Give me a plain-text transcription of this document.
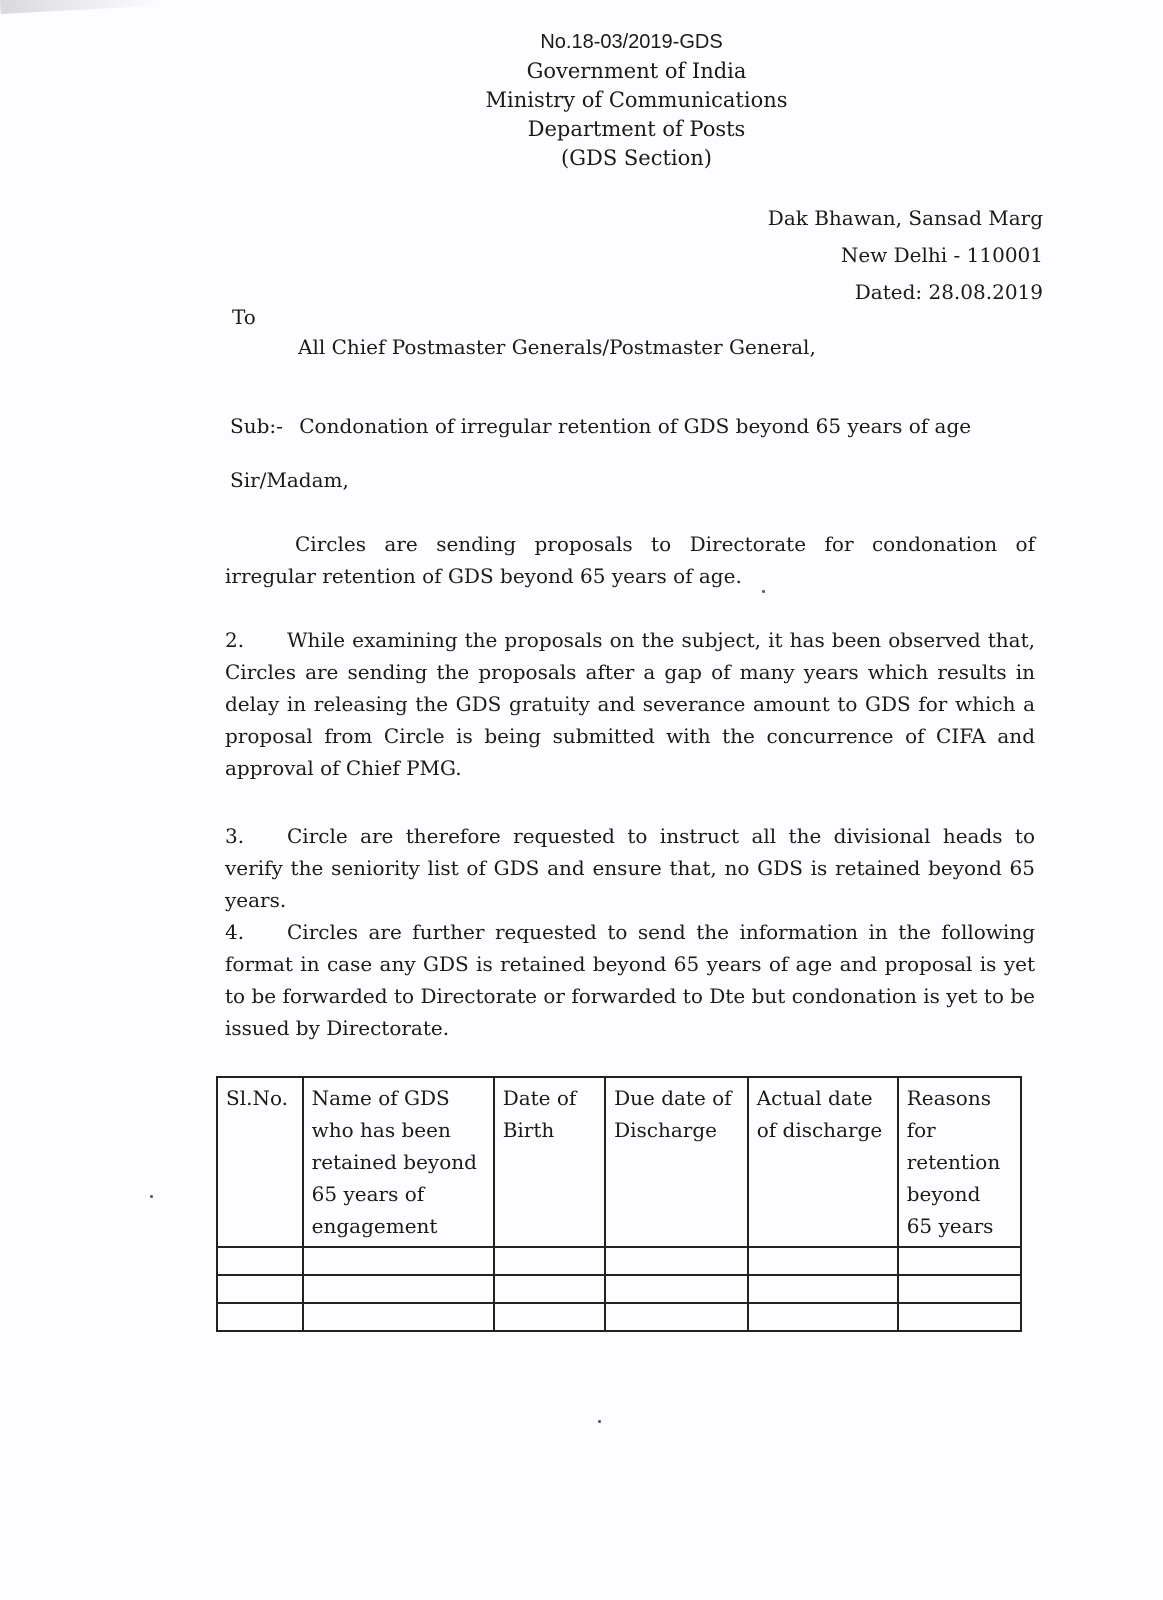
No.18-03/2019-GDS
Government of India
Ministry of Communications
Department of Posts
(GDS Section)
Dak Bhawan, Sansad Marg
New Delhi - 110001
Dated: 28.08.2019
To
All Chief Postmaster Generals/Postmaster General,
Sub:- Condonation of irregular retention of GDS beyond 65 years of age
Sir/Madam,
Circles are sending proposals to Directorate for condonation of irregular retention of GDS beyond 65 years of age.
2. While examining the proposals on the subject, it has been observed that, Circles are sending the proposals after a gap of many years which results in delay in releasing the GDS gratuity and severance amount to GDS for which a proposal from Circle is being submitted with the concurrence of CIFA and approval of Chief PMG.
3. Circle are therefore requested to instruct all the divisional heads to verify the seniority list of GDS and ensure that, no GDS is retained beyond 65 years.
4. Circles are further requested to send the information in the following format in case any GDS is retained beyond 65 years of age and proposal is yet to be forwarded to Directorate or forwarded to Dte but condonation is yet to be issued by Directorate.
Sl.No.	Name of GDS who has been retained beyond 65 years of engagement	Date of Birth	Due date of Discharge	Actual date of discharge	Reasons for retention beyond 65 years
